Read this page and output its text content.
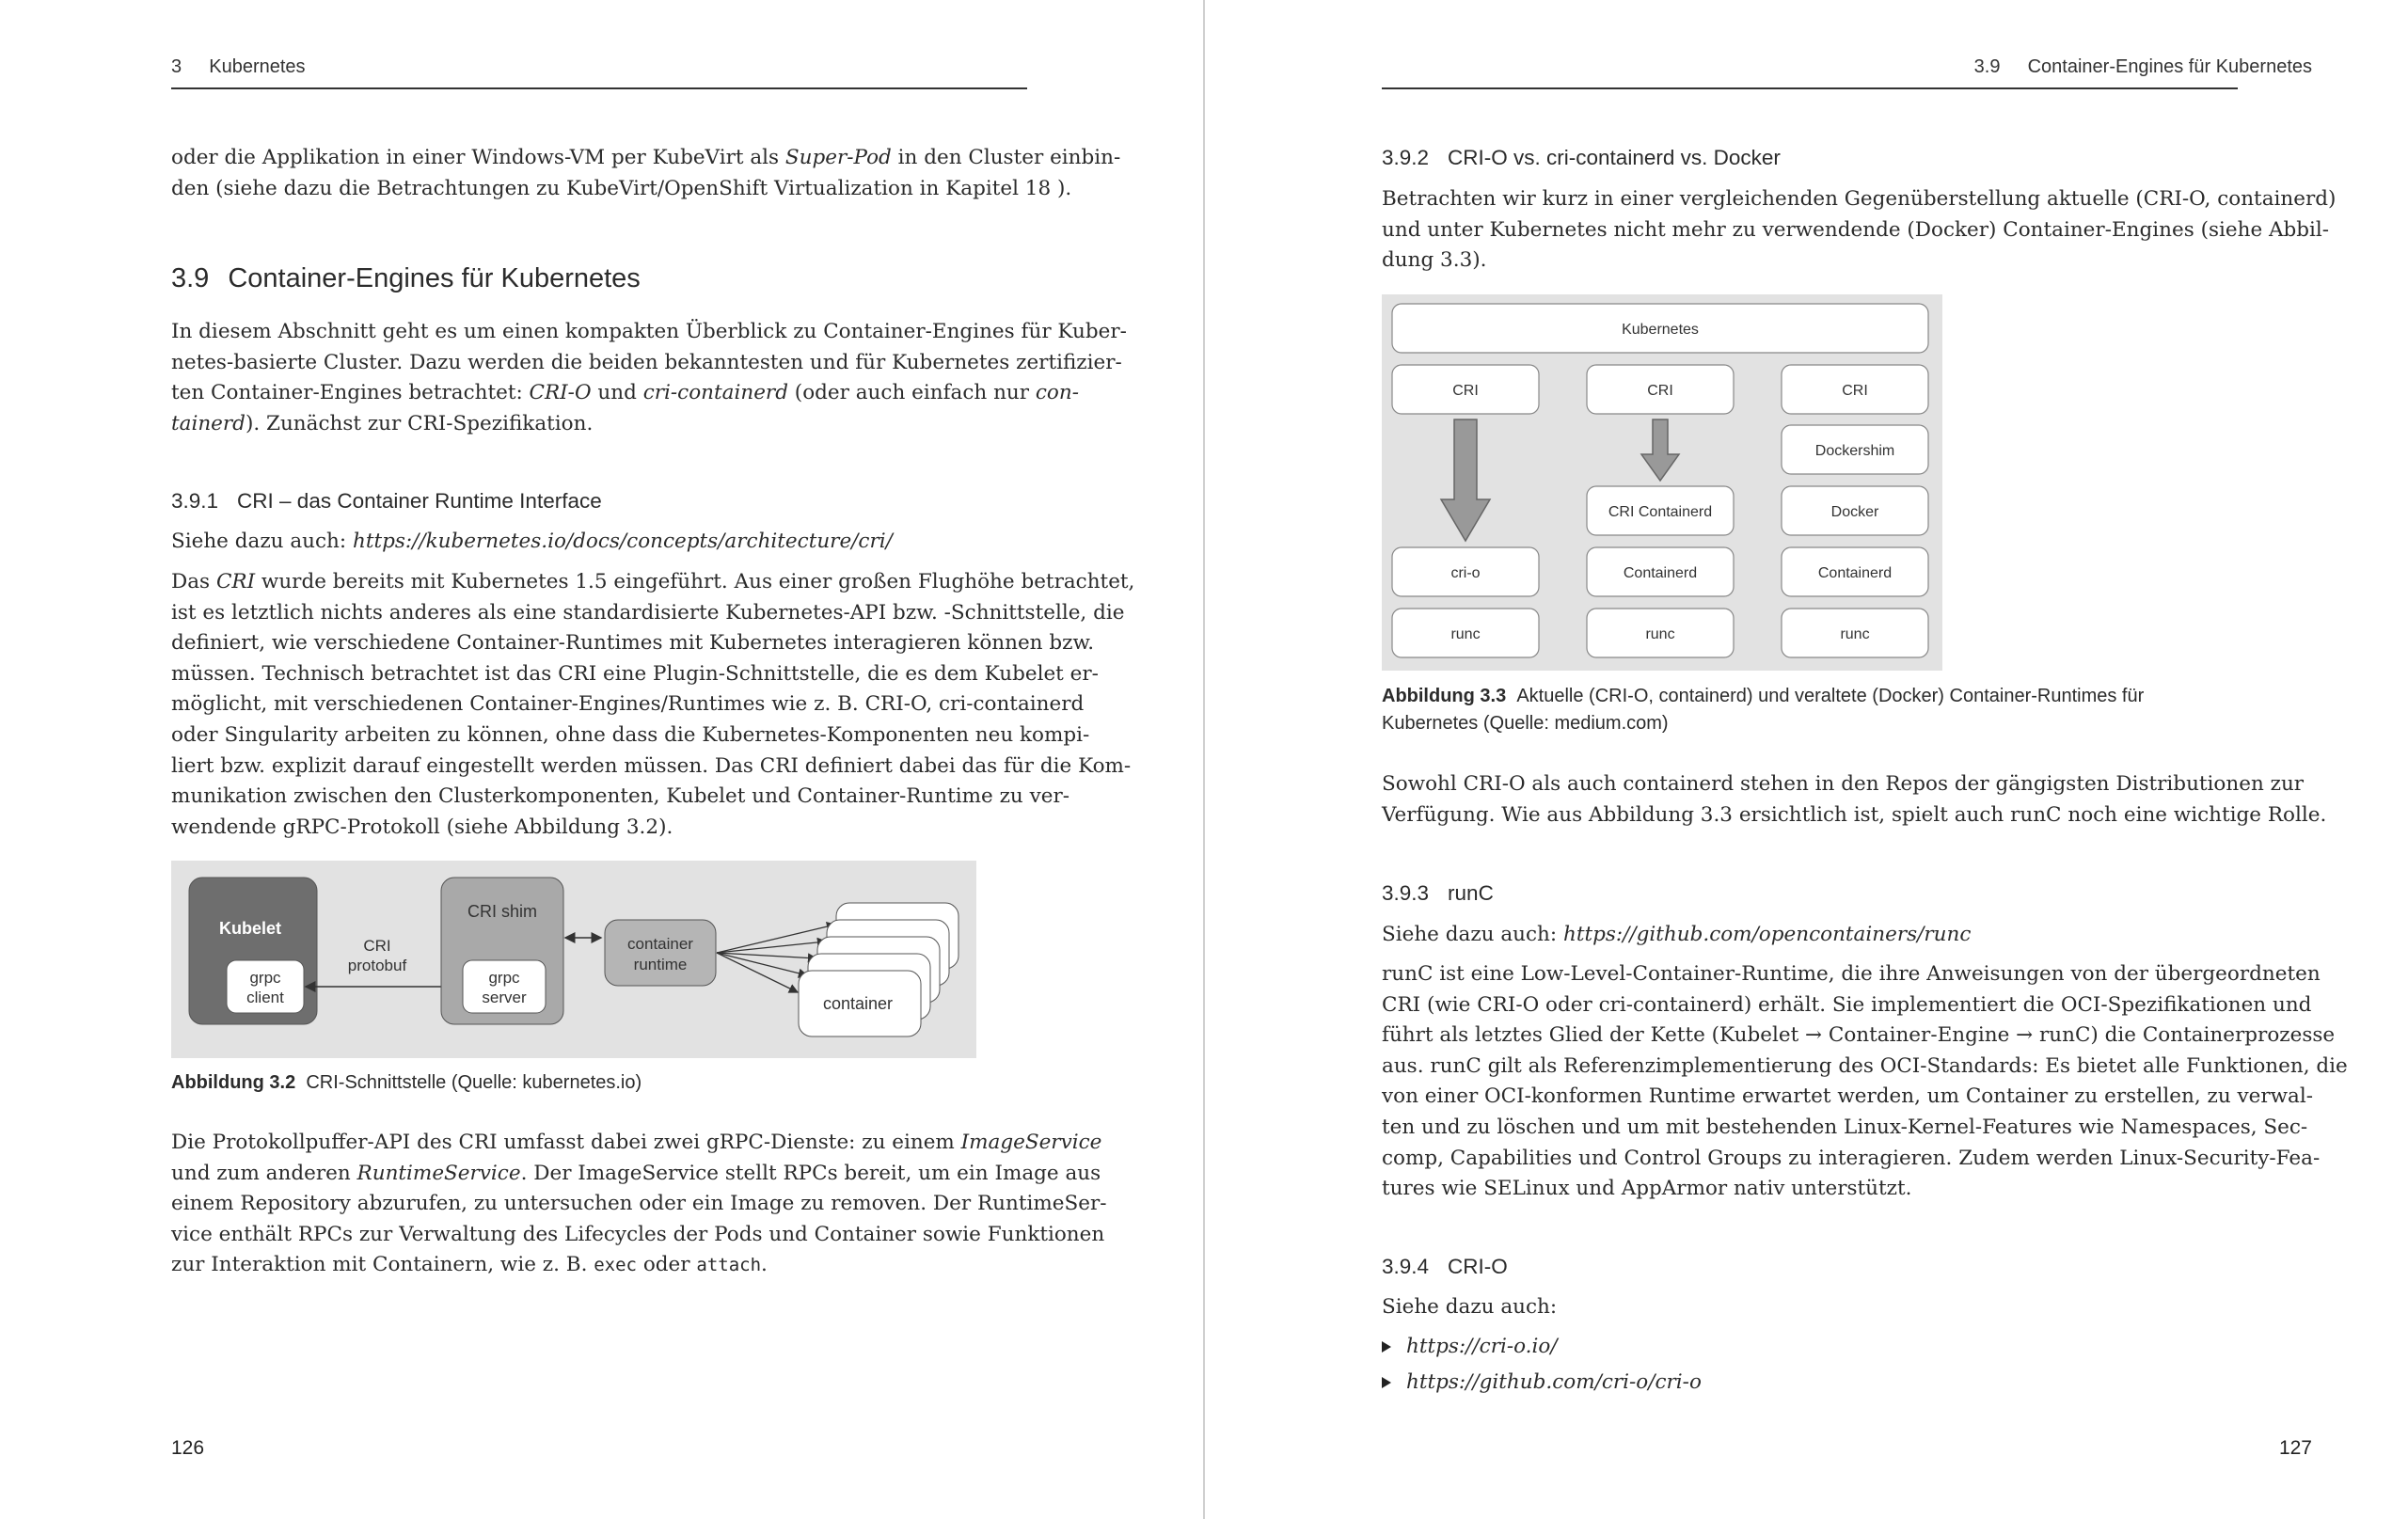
3 Kubernetes
oder die Applikation in einer Windows-VM per KubeVirt als Super-Pod in den Cluster einbin-
den (siehe dazu die Betrachtungen zu KubeVirt/OpenShift Virtualization in Kapitel 18 ).
3.9 Container-Engines für Kubernetes
In diesem Abschnitt geht es um einen kompakten Überblick zu Container-Engines für Kuber-
netes-basierte Cluster. Dazu werden die beiden bekanntesten und für Kubernetes zertifizier-
ten Container-Engines betrachtet: CRI-O und cri-containerd (oder auch einfach nur con-
tainerd). Zunächst zur CRI-Spezifikation.
3.9.1 CRI – das Container Runtime Interface
Siehe dazu auch: https://kubernetes.io/docs/concepts/architecture/cri/
Das CRI wurde bereits mit Kubernetes 1.5 eingeführt. Aus einer großen Flughöhe betrachtet,
ist es letztlich nichts anderes als eine standardisierte Kubernetes-API bzw. -Schnittstelle, die
definiert, wie verschiedene Container-Runtimes mit Kubernetes interagieren können bzw.
müssen. Technisch betrachtet ist das CRI eine Plugin-Schnittstelle, die es dem Kubelet er-
möglicht, mit verschiedenen Container-Engines/Runtimes wie z. B. CRI-O, cri-containerd
oder Singularity arbeiten zu können, ohne dass die Kubernetes-Komponenten neu kompi-
liert bzw. explizit darauf eingestellt werden müssen. Das CRI definiert dabei das für die Kom-
munikation zwischen den Clusterkomponenten, Kubelet und Container-Runtime zu ver-
wendende gRPC-Protokoll (siehe Abbildung 3.2).
Kubelet
grpc
client
CRI
protobuf
CRI shim
grpc
server
container
runtime
container
Abbildung 3.2 CRI-Schnittstelle (Quelle: kubernetes.io)
Die Protokollpuffer-API des CRI umfasst dabei zwei gRPC-Dienste: zu einem ImageService
und zum anderen RuntimeService. Der ImageService stellt RPCs bereit, um ein Image aus
einem Repository abzurufen, zu untersuchen oder ein Image zu removen. Der RuntimeSer-
vice enthält RPCs zur Verwaltung des Lifecycles der Pods und Container sowie Funktionen
zur Interaktion mit Containern, wie z. B. exec oder attach.
126
3.9 Container-Engines für Kubernetes
3.9.2 CRI-O vs. cri-containerd vs. Docker
Betrachten wir kurz in einer vergleichenden Gegenüberstellung aktuelle (CRI-O, containerd)
und unter Kubernetes nicht mehr zu verwendende (Docker) Container-Engines (siehe Abbil-
dung 3.3).
Kubernetes
CRI	CRI	CRI
Dockershim
CRI Containerd	Docker
cri-o	Containerd	Containerd
runc	runc	runc
Abbildung 3.3 Aktuelle (CRI-O, containerd) und veraltete (Docker) Container-Runtimes für
Kubernetes (Quelle: medium.com)
Sowohl CRI-O als auch containerd stehen in den Repos der gängigsten Distributionen zur
Verfügung. Wie aus Abbildung 3.3 ersichtlich ist, spielt auch runC noch eine wichtige Rolle.
3.9.3 runC
Siehe dazu auch: https://github.com/opencontainers/runc
runC ist eine Low-Level-Container-Runtime, die ihre Anweisungen von der übergeordneten
CRI (wie CRI-O oder cri-containerd) erhält. Sie implementiert die OCI-Spezifikationen und
führt als letztes Glied der Kette (Kubelet → Container-Engine → runC) die Containerprozesse
aus. runC gilt als Referenzimplementierung des OCI-Standards: Es bietet alle Funktionen, die
von einer OCI-konformen Runtime erwartet werden, um Container zu erstellen, zu verwal-
ten und zu löschen und um mit bestehenden Linux-Kernel-Features wie Namespaces, Sec-
comp, Capabilities und Control Groups zu interagieren. Zudem werden Linux-Security-Fea-
tures wie SELinux und AppArmor nativ unterstützt.
3.9.4 CRI-O
Siehe dazu auch:
https://cri-o.io/
https://github.com/cri-o/cri-o
127
